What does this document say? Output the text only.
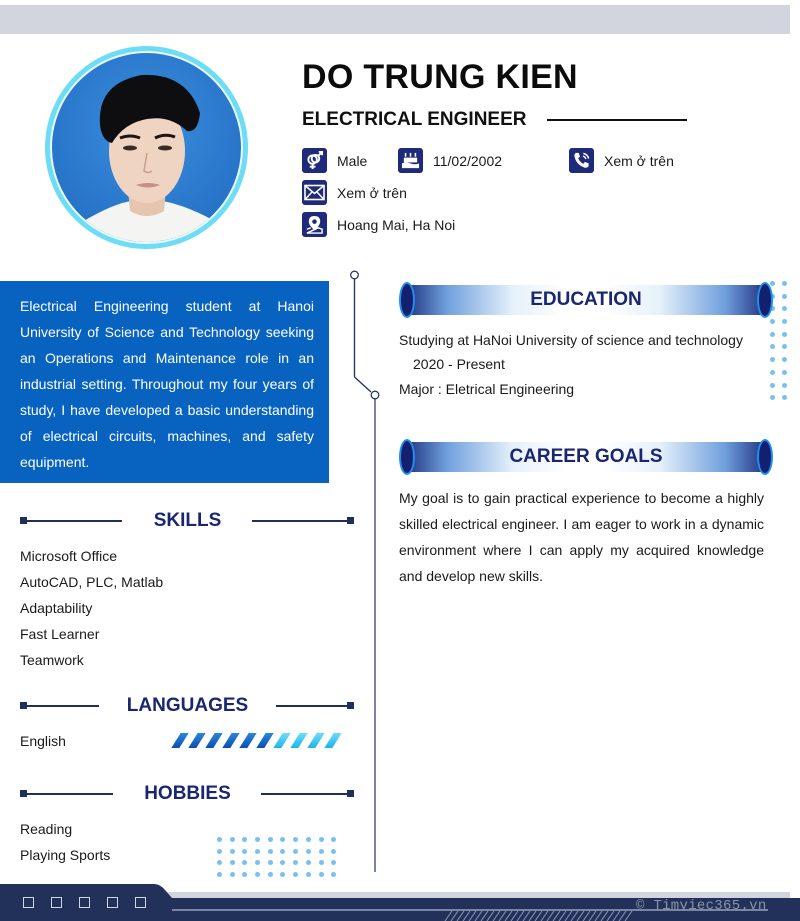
DO TRUNG KIEN
ELECTRICAL ENGINEER
Male	11/02/2002	Xem ở trên
Xem ở trên
Hoang Mai, Ha Noi
Electrical Engineering student at Hanoi University of Science and Technology seeking an Operations and Maintenance role in an industrial setting. Throughout my four years of study, I have developed a basic understanding of electrical circuits, machines, and safety equipment.
SKILLS
Microsoft Office
AutoCAD, PLC, Matlab
Adaptability
Fast Learner
Teamwork
LANGUAGES
English
HOBBIES
Reading
Playing Sports
EDUCATION
Studying at HaNoi University of science and technology
2020 - Present
Major : Eletrical Engineering
CAREER GOALS
My goal is to gain practical experience to become a highly skilled electrical engineer. I am eager to work in a dynamic environment where I can apply my acquired knowledge and develop new skills.
© Timviec365.vn
